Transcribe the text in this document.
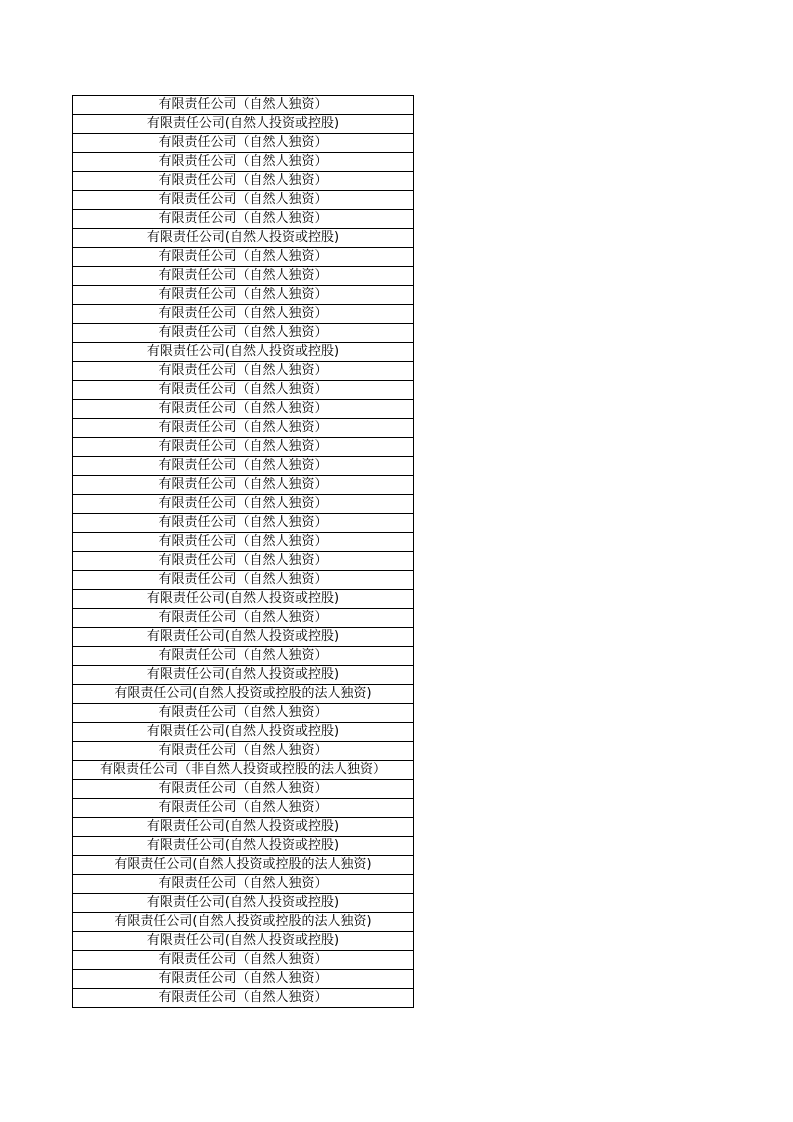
有限责任公司（自然人独资）
有限责任公司(自然人投资或控股)
有限责任公司（自然人独资）
有限责任公司（自然人独资）
有限责任公司（自然人独资）
有限责任公司（自然人独资）
有限责任公司（自然人独资）
有限责任公司(自然人投资或控股)
有限责任公司（自然人独资）
有限责任公司（自然人独资）
有限责任公司（自然人独资）
有限责任公司（自然人独资）
有限责任公司（自然人独资）
有限责任公司(自然人投资或控股)
有限责任公司（自然人独资）
有限责任公司（自然人独资）
有限责任公司（自然人独资）
有限责任公司（自然人独资）
有限责任公司（自然人独资）
有限责任公司（自然人独资）
有限责任公司（自然人独资）
有限责任公司（自然人独资）
有限责任公司（自然人独资）
有限责任公司（自然人独资）
有限责任公司（自然人独资）
有限责任公司（自然人独资）
有限责任公司(自然人投资或控股)
有限责任公司（自然人独资）
有限责任公司(自然人投资或控股)
有限责任公司（自然人独资）
有限责任公司(自然人投资或控股)
有限责任公司(自然人投资或控股的法人独资)
有限责任公司（自然人独资）
有限责任公司(自然人投资或控股)
有限责任公司（自然人独资）
有限责任公司（非自然人投资或控股的法人独资）
有限责任公司（自然人独资）
有限责任公司（自然人独资）
有限责任公司(自然人投资或控股)
有限责任公司(自然人投资或控股)
有限责任公司(自然人投资或控股的法人独资)
有限责任公司（自然人独资）
有限责任公司(自然人投资或控股)
有限责任公司(自然人投资或控股的法人独资)
有限责任公司(自然人投资或控股)
有限责任公司（自然人独资）
有限责任公司（自然人独资）
有限责任公司（自然人独资）
